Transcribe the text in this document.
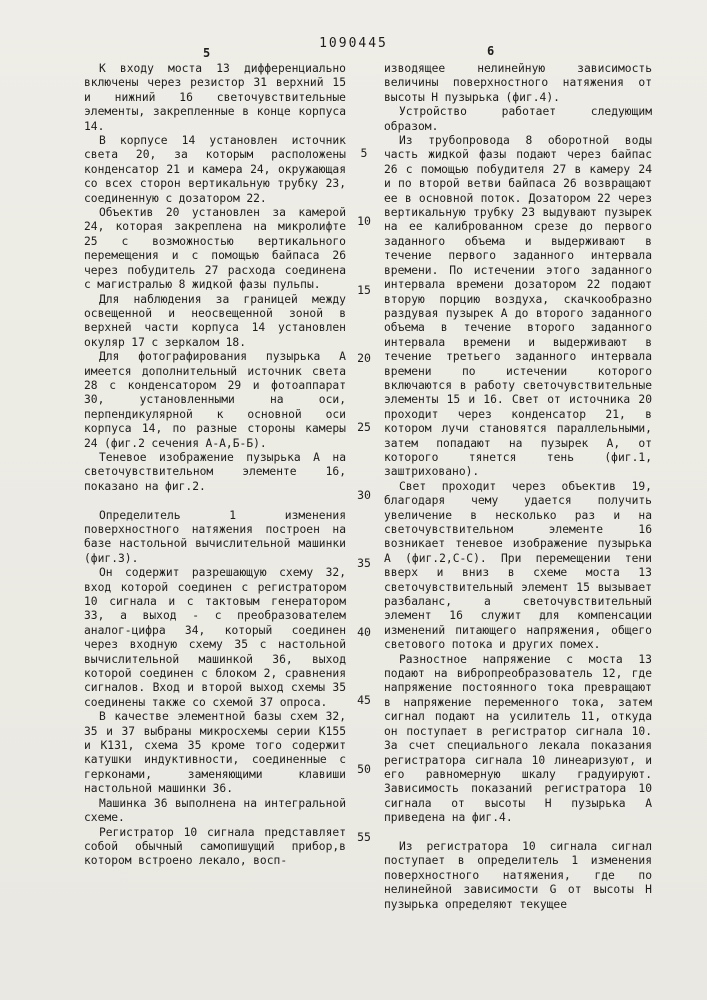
1090445
5	6
5
10
15
20
25
30
35
40
45
50
55

К входу моста 13 дифференциально включены через резистор 31 верхний 15 и нижний 16 светочувствительные элементы, закрепленные в конце корпуса 14.

В корпусе 14 установлен источник света 20, за которым расположены конденсатор 21 и камера 24, окружающая со всех сторон вертикальную трубку 23, соединенную с дозатором 22.

Объектив 20 установлен за камерой 24, которая закреплена на микролифте 25 с возможностью вертикального перемещения и с помощью байпаса 26 через побудитель 27 расхода соединена с магистралью 8 жидкой фазы пульпы.

Для наблюдения за границей между освещенной и неосвещенной зоной в верхней части корпуса 14 установлен окуляр 17 с зеркалом 18.

Для фотографирования пузырька А имеется дополнительный источник света 28 с конденсатором 29 и фотоаппарат 30, установленными на оси, перпендикулярной к основной оси корпуса 14, по разные стороны камеры 24 (фиг.2 сечения А-А,Б-Б).

Теневое изображение пузырька А на светочувствительном элементе 16, показано на фиг.2.

Определитель 1 изменения поверхностного натяжения построен на базе настольной вычислительной машинки (фиг.3).

Он содержит разрешающую схему 32, вход которой соединен с регистратором 10 сигнала и с тактовым генератором 33, а выход - с преобразователем аналог-цифра 34, который соединен через входную схему 35 с настольной вычислительной машинкой 36, выход которой соединен с блоком 2, сравнения сигналов. Вход и второй выход схемы 35 соединены также со схемой 37 опроса.

В качестве элементной базы схем 32, 35 и 37 выбраны микросхемы серии К155 и К131, схема 35 кроме того содержит катушки индуктивности, соединенные с герконами, заменяющими клавиши настольной машинки 36.

Машинка 36 выполнена на интегральной схеме.

Регистратор 10 сигнала представляет собой обычный самопишущий прибор,в котором встроено лекало, восп-

изводящее нелинейную зависимость величины поверхностного натяжения от высоты Н пузырька (фиг.4).

Устройство работает следующим образом.

Из трубопровода 8 оборотной воды часть жидкой фазы подают через байпас 26 с помощью побудителя 27 в камеру 24 и по второй ветви байпаса 26 возвращают ее в основной поток. Дозатором 22 через вертикальную трубку 23 выдувают пузырек на ее калиброванном срезе до первого заданного объема и выдерживают в течение первого заданного интервала времени. По истечении этого заданного интервала времени дозатором 22 подают вторую порцию воздуха, скачкообразно раздувая пузырек А до второго заданного объема в течение второго заданного интервала времени и выдерживают в течение третьего заданного интервала времени по истечении которого включаются в работу светочувствительные элементы 15 и 16. Свет от источника 20 проходит через конденсатор 21, в котором лучи становятся параллельными, затем попадают на пузырек А, от которого тянется тень (фиг.1, заштриховано).

Свет проходит через объектив 19, благодаря чему удается получить увеличение в несколько раз и на светочувствительном элементе 16 возникает теневое изображение пузырька А (фиг.2,С-С). При перемещении тени вверх и вниз в схеме моста 13 светочувствительный элемент 15 вызывает разбаланс, а светочувствительный элемент 16 служит для компенсации изменений питающего напряжения, общего светового потока и других помех.

Разностное напряжение с моста 13 подают на вибропреобразователь 12, где напряжение постоянного тока превращают в напряжение переменного тока, затем сигнал подают на усилитель 11, откуда он поступает в регистратор сигнала 10. За счет специального лекала показания регистратора сигнала 10 линеаризуют, и его равномерную шкалу градуируют. Зависимость показаний регистратора 10 сигнала от высоты Н пузырька А приведена на фиг.4.

Из регистратора 10 сигнала сигнал поступает в определитель 1 изменения поверхностного натяжения, где по нелинейной зависимости G от высоты Н пузырька определяют текущее
